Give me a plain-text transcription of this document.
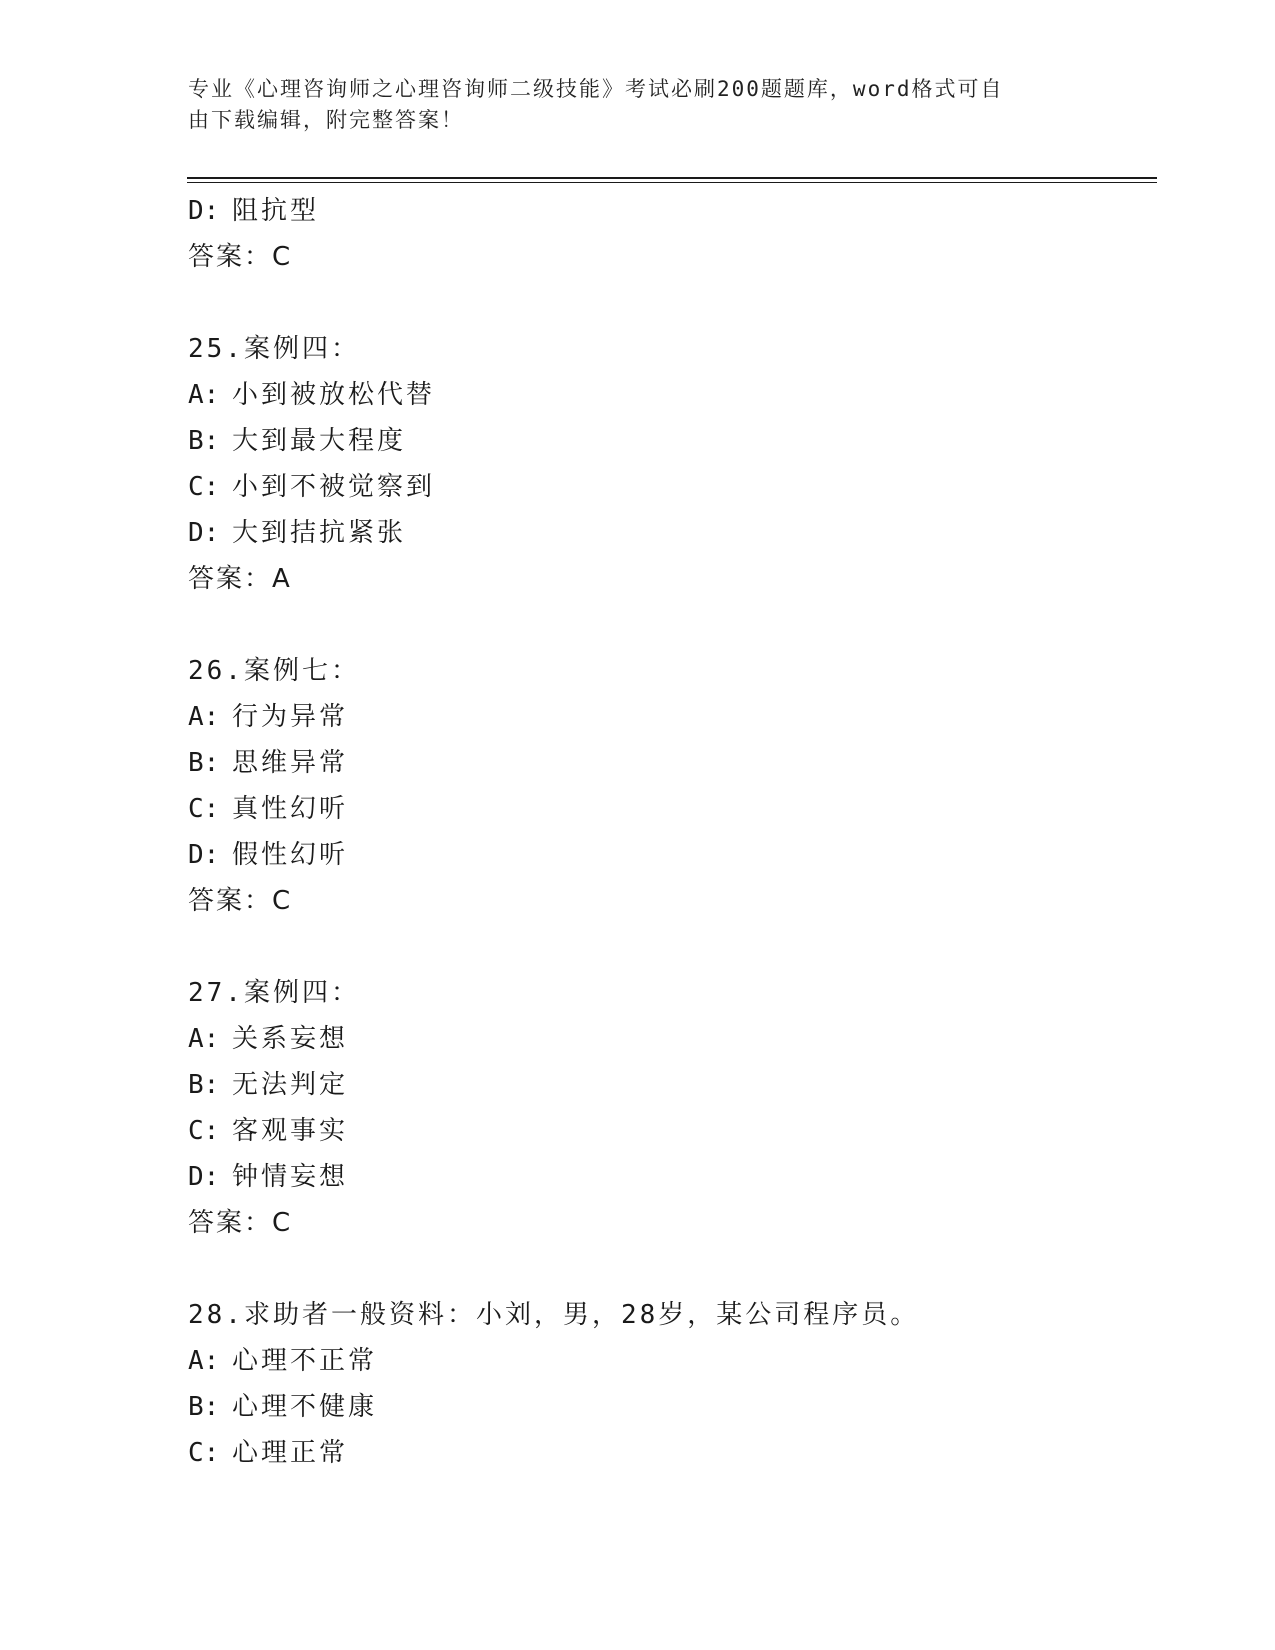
专业《心理咨询师之心理咨询师二级技能》考试必刷200题题库，word格式可自
由下载编辑，附完整答案！
D: 阻抗型
答案：C
25.案例四：
A: 小到被放松代替
B: 大到最大程度
C: 小到不被觉察到
D: 大到拮抗紧张
答案：A
26.案例七：
A: 行为异常
B: 思维异常
C: 真性幻听
D: 假性幻听
答案：C
27.案例四：
A: 关系妄想
B: 无法判定
C: 客观事实
D: 钟情妄想
答案：C
28.求助者一般资料：小刘，男，28岁，某公司程序员。
A: 心理不正常
B: 心理不健康
C: 心理正常
